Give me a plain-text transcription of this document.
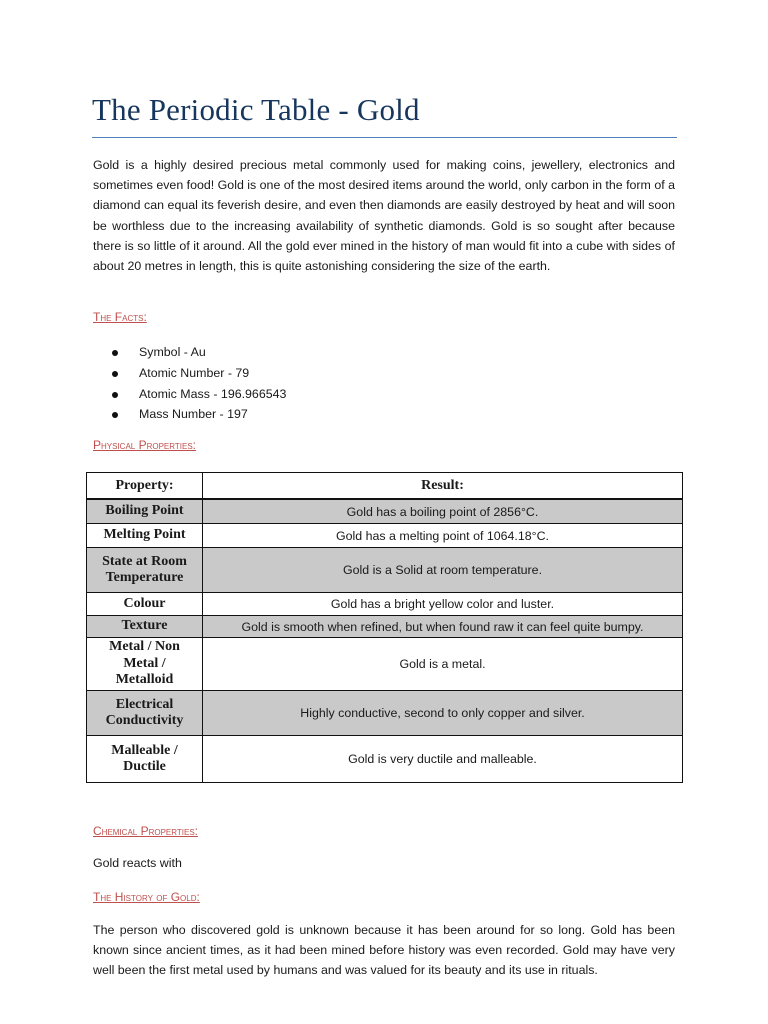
The Periodic Table - Gold

Gold is a highly desired precious metal commonly used for making coins, jewellery, electronics and sometimes even food! Gold is one of the most desired items around the world, only carbon in the form of a diamond can equal its feverish desire, and even then diamonds are easily destroyed by heat and will soon be worthless due to the increasing availability of synthetic diamonds. Gold is so sought after because there is so little of it around. All the gold ever mined in the history of man would fit into a cube with sides of about 20 metres in length, this is quite astonishing considering the size of the earth.

The Facts:
Symbol - Au
Atomic Number - 79
Atomic Mass - 196.966543
Mass Number - 197
Physical Properties:
Property:	Result:
Boiling Point	Gold has a boiling point of 2856°C.
Melting Point	Gold has a melting point of 1064.18°C.
State at Room Temperature	Gold is a Solid at room temperature.
Colour	Gold has a bright yellow color and luster.
Texture	Gold is smooth when refined, but when found raw it can feel quite bumpy.
Metal / Non Metal / Metalloid	Gold is a metal.
Electrical Conductivity	Highly conductive, second to only copper and silver.
Malleable / Ductile	Gold is very ductile and malleable.
Chemical Properties:

Gold reacts with

The History of Gold:

The person who discovered gold is unknown because it has been around for so long. Gold has been known since ancient times, as it had been mined before history was even recorded. Gold may have very well been the first metal used by humans and was valued for its beauty and its use in rituals.
